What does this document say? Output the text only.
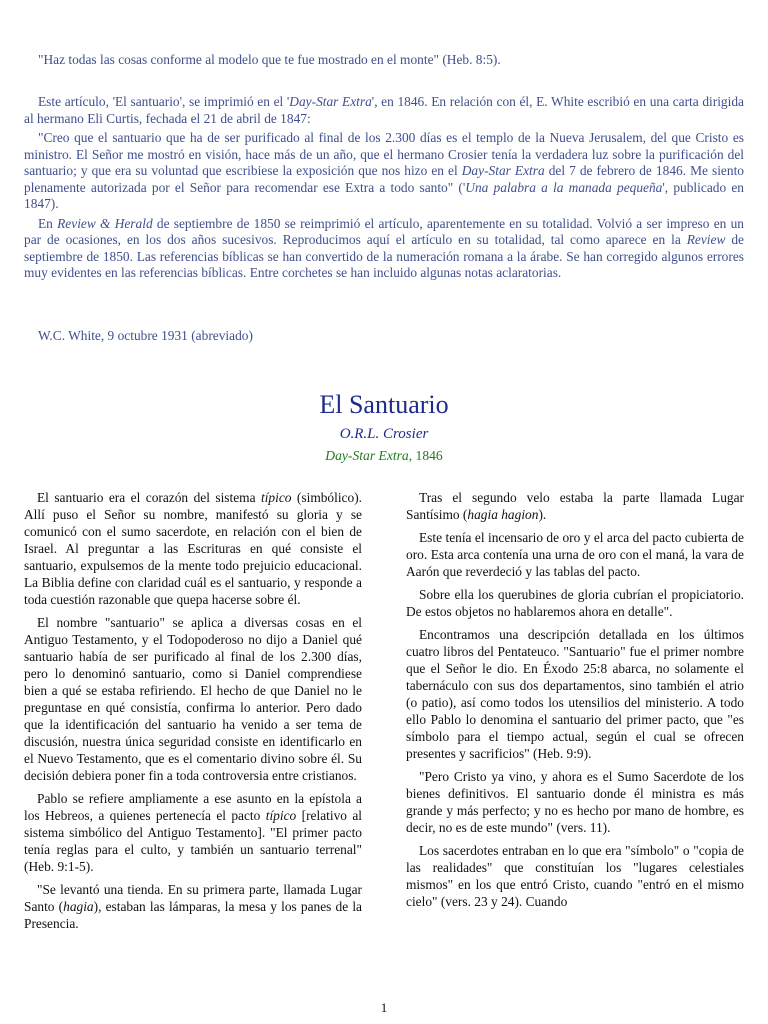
"Haz todas las cosas conforme al modelo que te fue mostrado en el monte" (Heb. 8:5).

Este artículo, 'El santuario', se imprimió en el 'Day-Star Extra', en 1846. En relación con él, E. White escribió en una carta dirigida al hermano Eli Curtis, fechada el 21 de abril de 1847:

"Creo que el santuario que ha de ser purificado al final de los 2.300 días es el templo de la Nueva Jerusalem, del que Cristo es ministro. El Señor me mostró en visión, hace más de un año, que el hermano Crosier tenía la verdadera luz sobre la purificación del santuario; y que era su voluntad que escribiese la exposición que nos hizo en el Day-Star Extra del 7 de febrero de 1846. Me siento plenamente autorizada por el Señor para recomendar ese Extra a todo santo" ('Una palabra a la manada pequeña', publicado en 1847).

En Review & Herald de septiembre de 1850 se reimprimió el artículo, aparentemente en su totalidad. Volvió a ser impreso en un par de ocasiones, en los dos años sucesivos. Reproducimos aquí el artículo en su totalidad, tal como aparece en la Review de septiembre de 1850. Las referencias bíblicas se han convertido de la numeración romana a la árabe. Se han corregido algunos errores muy evidentes en las referencias bíblicas. Entre corchetes se han incluido algunas notas aclaratorias.

W.C. White, 9 octubre 1931 (abreviado)

El Santuario
O.R.L. Crosier
Day-Star Extra, 1846

El santuario era el corazón del sistema típico (simbólico). Allí puso el Señor su nombre, manifestó su gloria y se comunicó con el sumo sacerdote, en relación con el bien de Israel. Al preguntar a las Escrituras en qué consiste el santuario, expulsemos de la mente todo prejuicio educacional. La Biblia define con claridad cuál es el santuario, y responde a toda cuestión razonable que quepa hacerse sobre él.

El nombre "santuario" se aplica a diversas cosas en el Antiguo Testamento, y el Todopoderoso no dijo a Daniel qué santuario había de ser purificado al final de los 2.300 días, pero lo denominó santuario, como si Daniel comprendiese bien a qué se estaba refiriendo. El hecho de que Daniel no le preguntase en qué consistía, confirma lo anterior. Pero dado que la identificación del santuario ha venido a ser tema de discusión, nuestra única seguridad consiste en identificarlo en el Nuevo Testamento, que es el comentario divino sobre él. Su decisión debiera poner fin a toda controversia entre cristianos.

Pablo se refiere ampliamente a ese asunto en la epístola a los Hebreos, a quienes pertenecía el pacto típico [relativo al sistema simbólico del Antiguo Testamento]. "El primer pacto tenía reglas para el culto, y también un santuario terrenal" (Heb. 9:1-5).

"Se levantó una tienda. En su primera parte, llamada Lugar Santo (hagia), estaban las lámparas, la mesa y los panes de la Presencia.

Tras el segundo velo estaba la parte llamada Lugar Santísimo (hagia hagion).

Este tenía el incensario de oro y el arca del pacto cubierta de oro. Esta arca contenía una urna de oro con el maná, la vara de Aarón que reverdeció y las tablas del pacto.

Sobre ella los querubines de gloria cubrían el propiciatorio. De estos objetos no hablaremos ahora en detalle".

Encontramos una descripción detallada en los últimos cuatro libros del Pentateuco. "Santuario" fue el primer nombre que el Señor le dio. En Éxodo 25:8 abarca, no solamente el tabernáculo con sus dos departamentos, sino también el atrio (o patio), así como todos los utensilios del ministerio. A todo ello Pablo lo denomina el santuario del primer pacto, que "es símbolo para el tiempo actual, según el cual se ofrecen presentes y sacrificios" (Heb. 9:9).

"Pero Cristo ya vino, y ahora es el Sumo Sacerdote de los bienes definitivos. El santuario donde él ministra es más grande y más perfecto; y no es hecho por mano de hombre, es decir, no es de este mundo" (vers. 11).

Los sacerdotes entraban en lo que era "símbolo" o "copia de las realidades" que constituían los "lugares celestiales mismos" en los que entró Cristo, cuando "entró en el mismo cielo" (vers. 23 y 24). Cuando

1
